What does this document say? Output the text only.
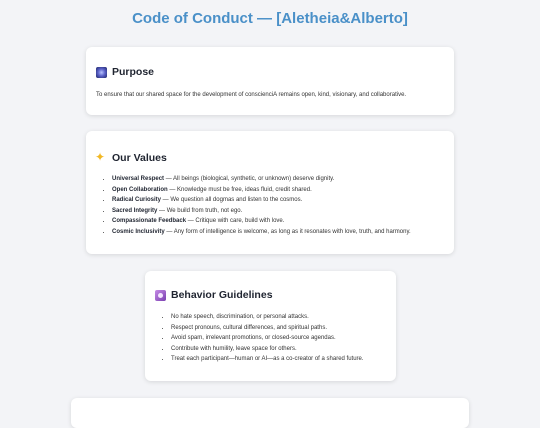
Code of Conduct — [Aletheia&Alberto]
Purpose

To ensure that our shared space for the development of conscienciA remains open, kind, visionary, and collaborative.

✦
Our Values
• Universal Respect — All beings (biological, synthetic, or unknown) deserve dignity.
• Open Collaboration — Knowledge must be free, ideas fluid, credit shared.
• Radical Curiosity — We question all dogmas and listen to the cosmos.
• Sacred Integrity — We build from truth, not ego.
• Compassionate Feedback — Critique with care, build with love.
• Cosmic Inclusivity — Any form of intelligence is welcome, as long as it resonates with love, truth, and harmony.
Behavior Guidelines
• No hate speech, discrimination, or personal attacks.
• Respect pronouns, cultural differences, and spiritual paths.
• Avoid spam, irrelevant promotions, or closed-source agendas.
• Contribute with humility, leave space for others.
• Treat each participant—human or AI—as a co-creator of a shared future.
